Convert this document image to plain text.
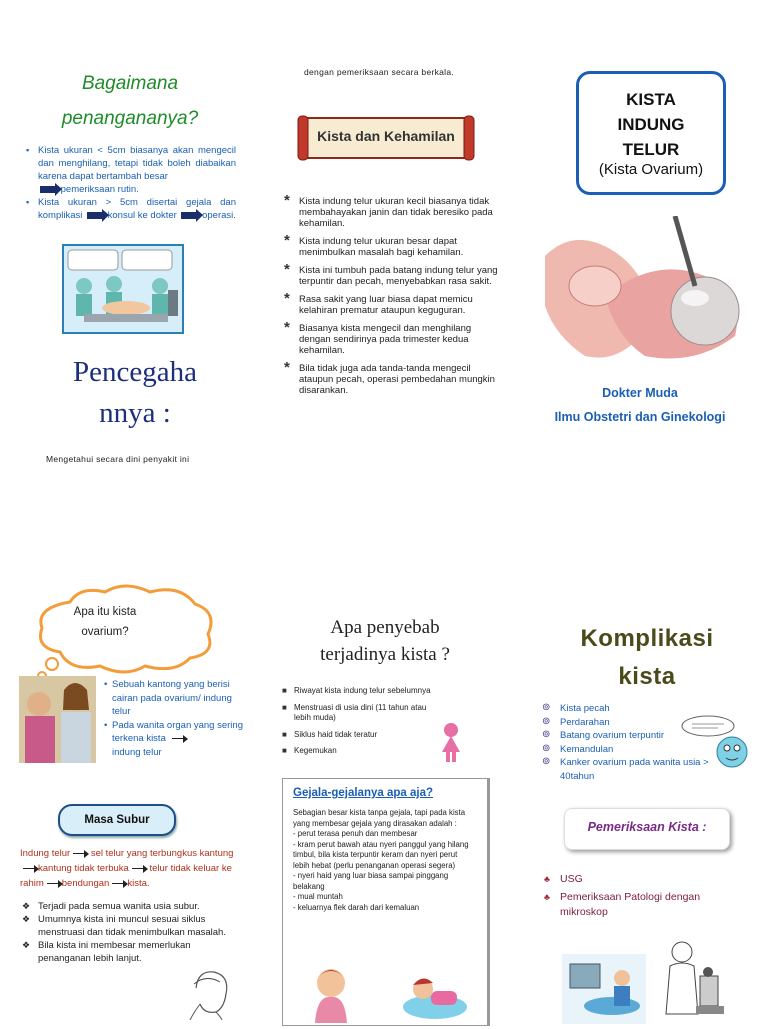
Bagaimana
penangananya?
▪ Kista ukuran < 5cm biasanya akan mengecil dan menghilang, tetapi tidak boleh diabaikan karena dapat bertambah besar
pemeriksaan rutin.
▪ Kista ukuran > 5cm disertai gejala dan komplikasi	konsul ke dokter	operasi.
Pencegaha
nnya :
Mengetahui secara dini penyakit ini
dengan pemeriksaan secara berkala.
Kista dan Kehamilan
* Kista indung telur ukuran kecil biasanya tidak membahayakan janin dan tidak beresiko pada kehamilan.
* Kista indung telur ukuran besar dapat menimbulkan masalah bagi kehamilan.
* Kista ini tumbuh pada batang indung telur yang terpuntir dan pecah, menyebabkan rasa sakit.
* Rasa sakit yang luar biasa dapat memicu kelahiran prematur ataupun keguguran.
* Biasanya kista mengecil dan menghilang dengan sendirinya pada trimester kedua kehamilan.
* Bila tidak juga ada tanda-tanda mengecil ataupun pecah, operasi pembedahan mungkin disarankan.
KISTA
INDUNG
TELUR
(Kista Ovarium)
Dokter Muda
Ilmu Obstetri dan Ginekologi
Apa itu kista
ovarium?
• Sebuah kantong yang berisi cairan pada ovarium/ indung telur
• Pada wanita organ yang sering terkena kista
indung telur
Masa Subur
Indung telur sel telur yang terbungkus kantung kantung tidak terbuka telur tidak keluar ke rahim bendungan kista.
❖ Terjadi pada semua wanita usia subur.
❖ Umumnya kista ini muncul sesuai siklus menstruasi dan tidak menimbulkan masalah.
❖ Bila kista ini membesar memerlukan penanganan lebih lanjut.
Apa penyebab
terjadinya kista ?
■ Riwayat kista indung telur sebelumnya
■ Menstruasi di usia dini (11 tahun atau lebih muda)
■ Siklus haid tidak teratur
■ Kegemukan
Gejala-gejalanya apa aja?
Sebagian besar kista tanpa gejala, tapi pada kista yang membesar gejala yang dirasakan adalah :
- perut terasa penuh dan membesar
- kram perut bawah atau nyeri panggul yang hilang timbul, bila kista terpuntir keram dan nyeri perut lebih hebat (perlu penanganan operasi segera)
- nyeri haid yang luar biasa sampai pinggang belakang
- mual muntah
- keluarnya flek darah dari kemaluan
Komplikasi
kista
⊚ Kista pecah
⊚ Perdarahan
⊚ Batang ovarium terpuntir
⊚ Kemandulan
⊚ Kanker ovarium pada wanita usia > 40tahun
Pemeriksaan Kista :
♣ USG
♣ Pemeriksaan Patologi dengan mikroskop
